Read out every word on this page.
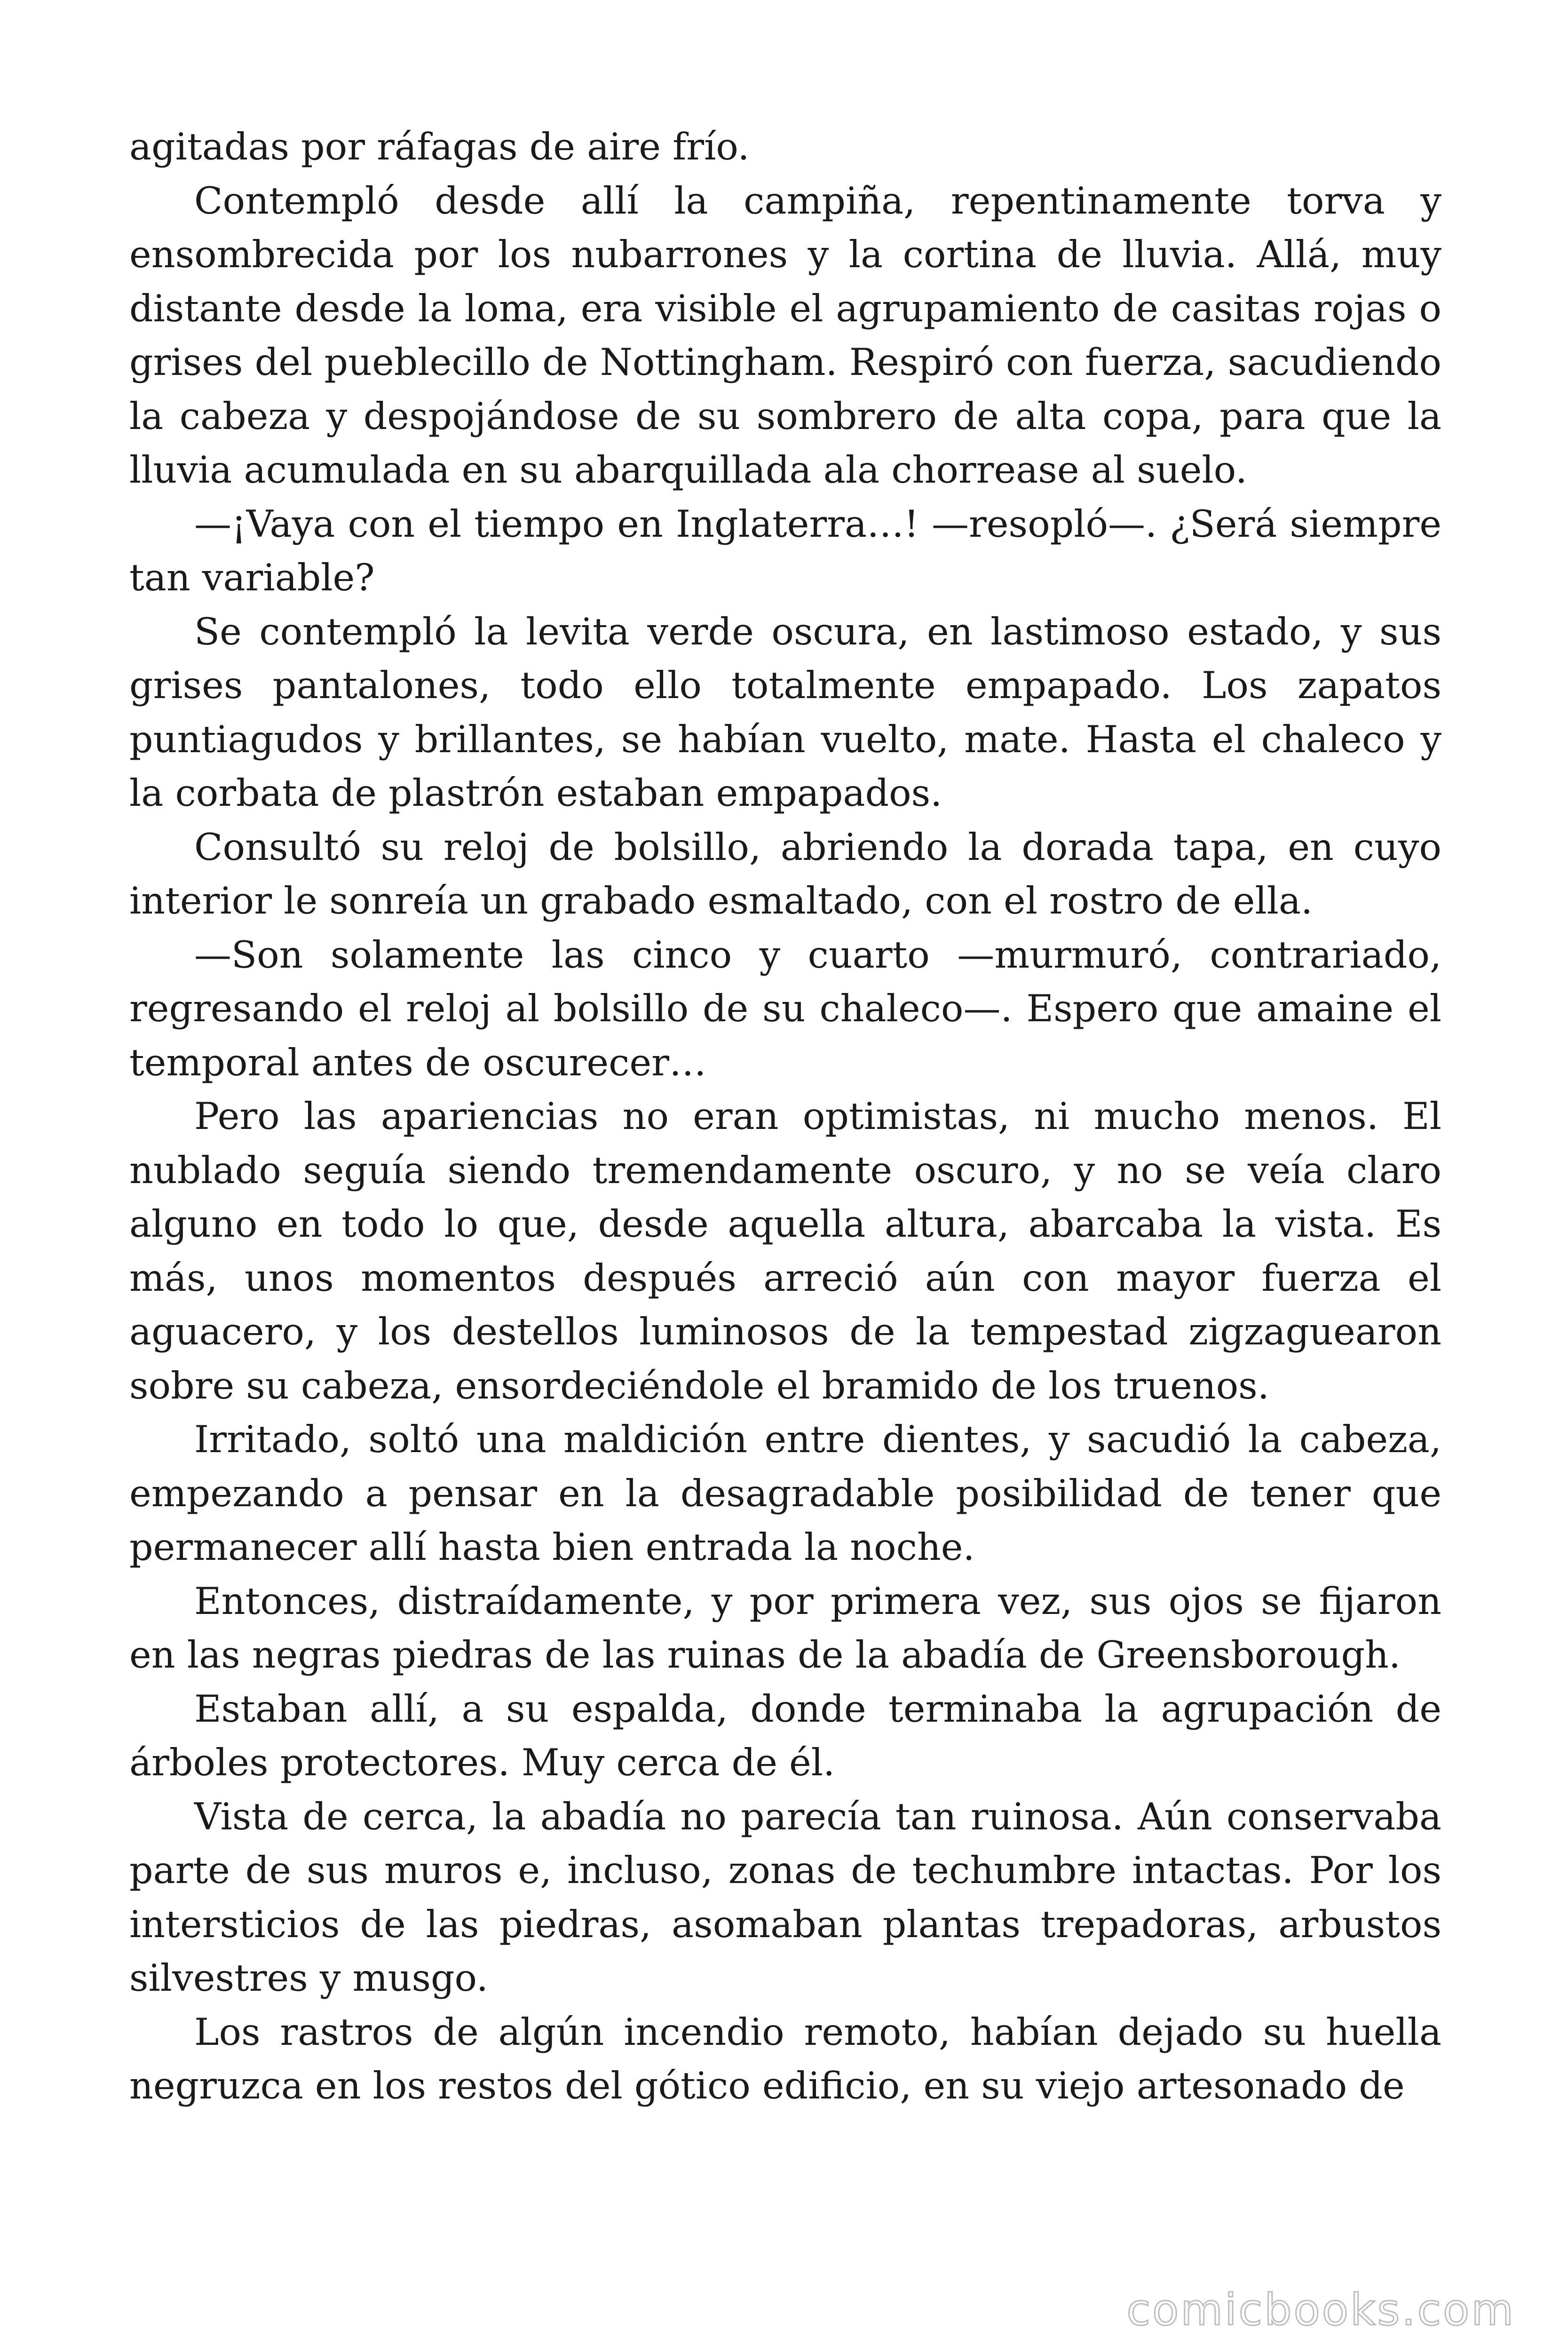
agitadas por ráfagas de aire frío.

Contempló desde allí la campiña, repentinamente torva y ensombrecida por los nubarrones y la cortina de lluvia. Allá, muy distante desde la loma, era visible el agrupamiento de casitas rojas o grises del pueblecillo de Nottingham. Respiró con fuerza, sacudiendo la cabeza y despojándose de su sombrero de alta copa, para que la lluvia acumulada en su abarquillada ala chorrease al suelo.

—¡Vaya con el tiempo en Inglaterra…! —resopló—. ¿Será siempre tan variable?

Se contempló la levita verde oscura, en lastimoso estado, y sus grises pantalones, todo ello totalmente empapado. Los zapatos puntiagudos y brillantes, se habían vuelto, mate. Hasta el chaleco y la corbata de plastrón estaban empapados.

Consultó su reloj de bolsillo, abriendo la dorada tapa, en cuyo interior le sonreía un grabado esmaltado, con el rostro de ella.

—Son solamente las cinco y cuarto —murmuró, contrariado, regresando el reloj al bolsillo de su chaleco—. Espero que amaine el temporal antes de oscurecer…

Pero las apariencias no eran optimistas, ni mucho menos. El nublado seguía siendo tremendamente oscuro, y no se veía claro alguno en todo lo que, desde aquella altura, abarcaba la vista. Es más, unos momentos después arreció aún con mayor fuerza el aguacero, y los destellos luminosos de la tempestad zigzaguearon sobre su cabeza, ensordeciéndole el bramido de los truenos.

Irritado, soltó una maldición entre dientes, y sacudió la cabeza, empezando a pensar en la desagradable posibilidad de tener que permanecer allí hasta bien entrada la noche.

Entonces, distraídamente, y por primera vez, sus ojos se fijaron en las negras piedras de las ruinas de la abadía de Greensborough.

Estaban allí, a su espalda, donde terminaba la agrupación de árboles protectores. Muy cerca de él.

Vista de cerca, la abadía no parecía tan ruinosa. Aún conservaba parte de sus muros e, incluso, zonas de techumbre intactas. Por los intersticios de las piedras, asomaban plantas trepadoras, arbustos silvestres y musgo.

Los rastros de algún incendio remoto, habían dejado su huella negruzca en los restos del gótico edificio, en su viejo artesonado de

comicbooks.com
